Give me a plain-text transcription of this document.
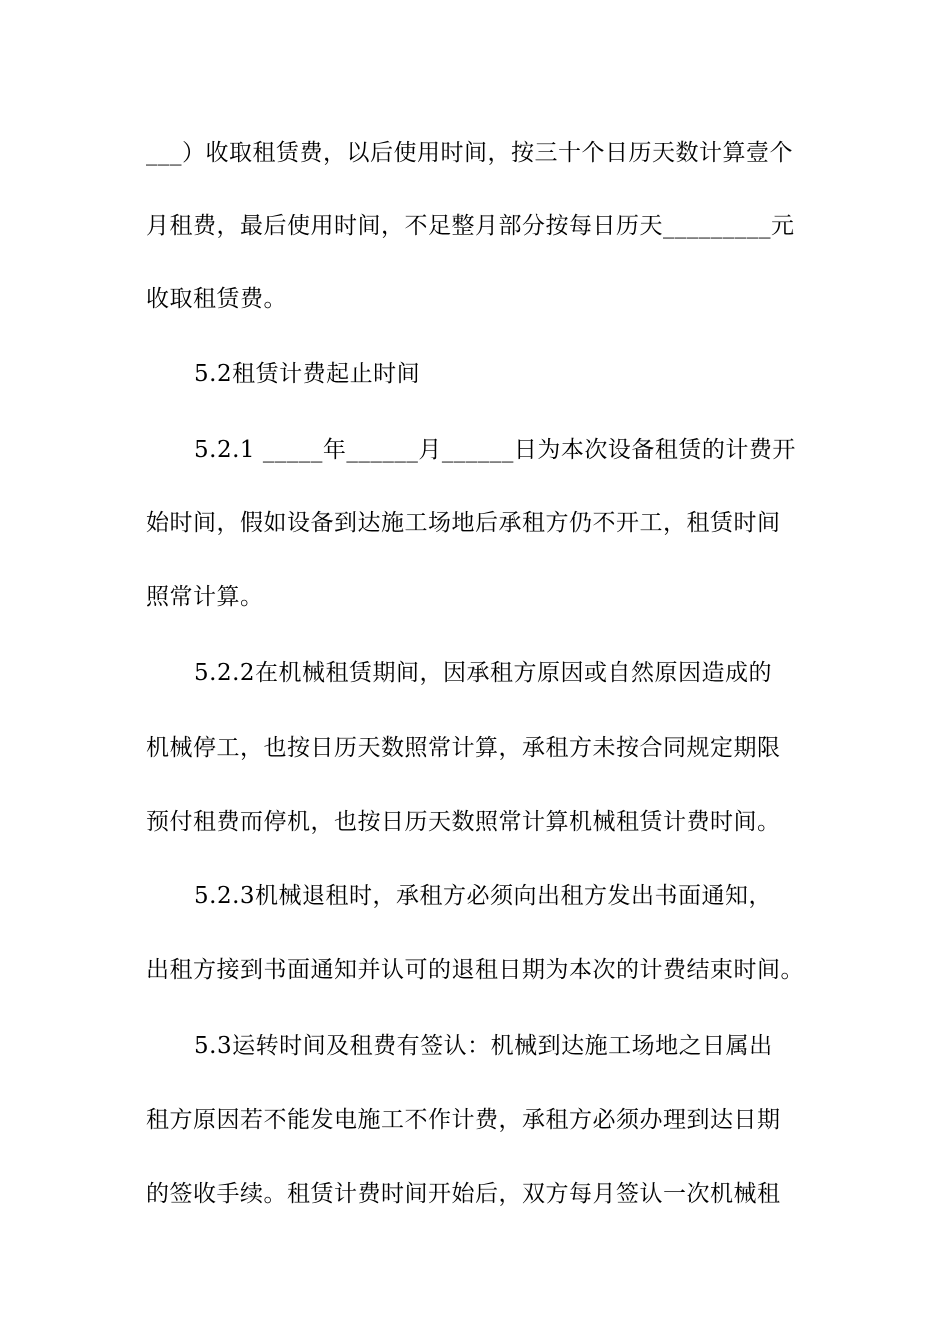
___）收取租赁费，以后使用时间，按三十个日历天数计算壹个
月租费，最后使用时间，不足整月部分按每日历天_________元
收取租赁费。
5.2租赁计费起止时间
5.2.1 _____年______月______日为本次设备租赁的计费开
始时间，假如设备到达施工场地后承租方仍不开工，租赁时间
照常计算。
5.2.2在机械租赁期间，因承租方原因或自然原因造成的
机械停工，也按日历天数照常计算，承租方未按合同规定期限
预付租费而停机，也按日历天数照常计算机械租赁计费时间。
5.2.3机械退租时，承租方必须向出租方发出书面通知，
出租方接到书面通知并认可的退租日期为本次的计费结束时间。
5.3运转时间及租费有签认：机械到达施工场地之日属出
租方原因若不能发电施工不作计费，承租方必须办理到达日期
的签收手续。租赁计费时间开始后，双方每月签认一次机械租
